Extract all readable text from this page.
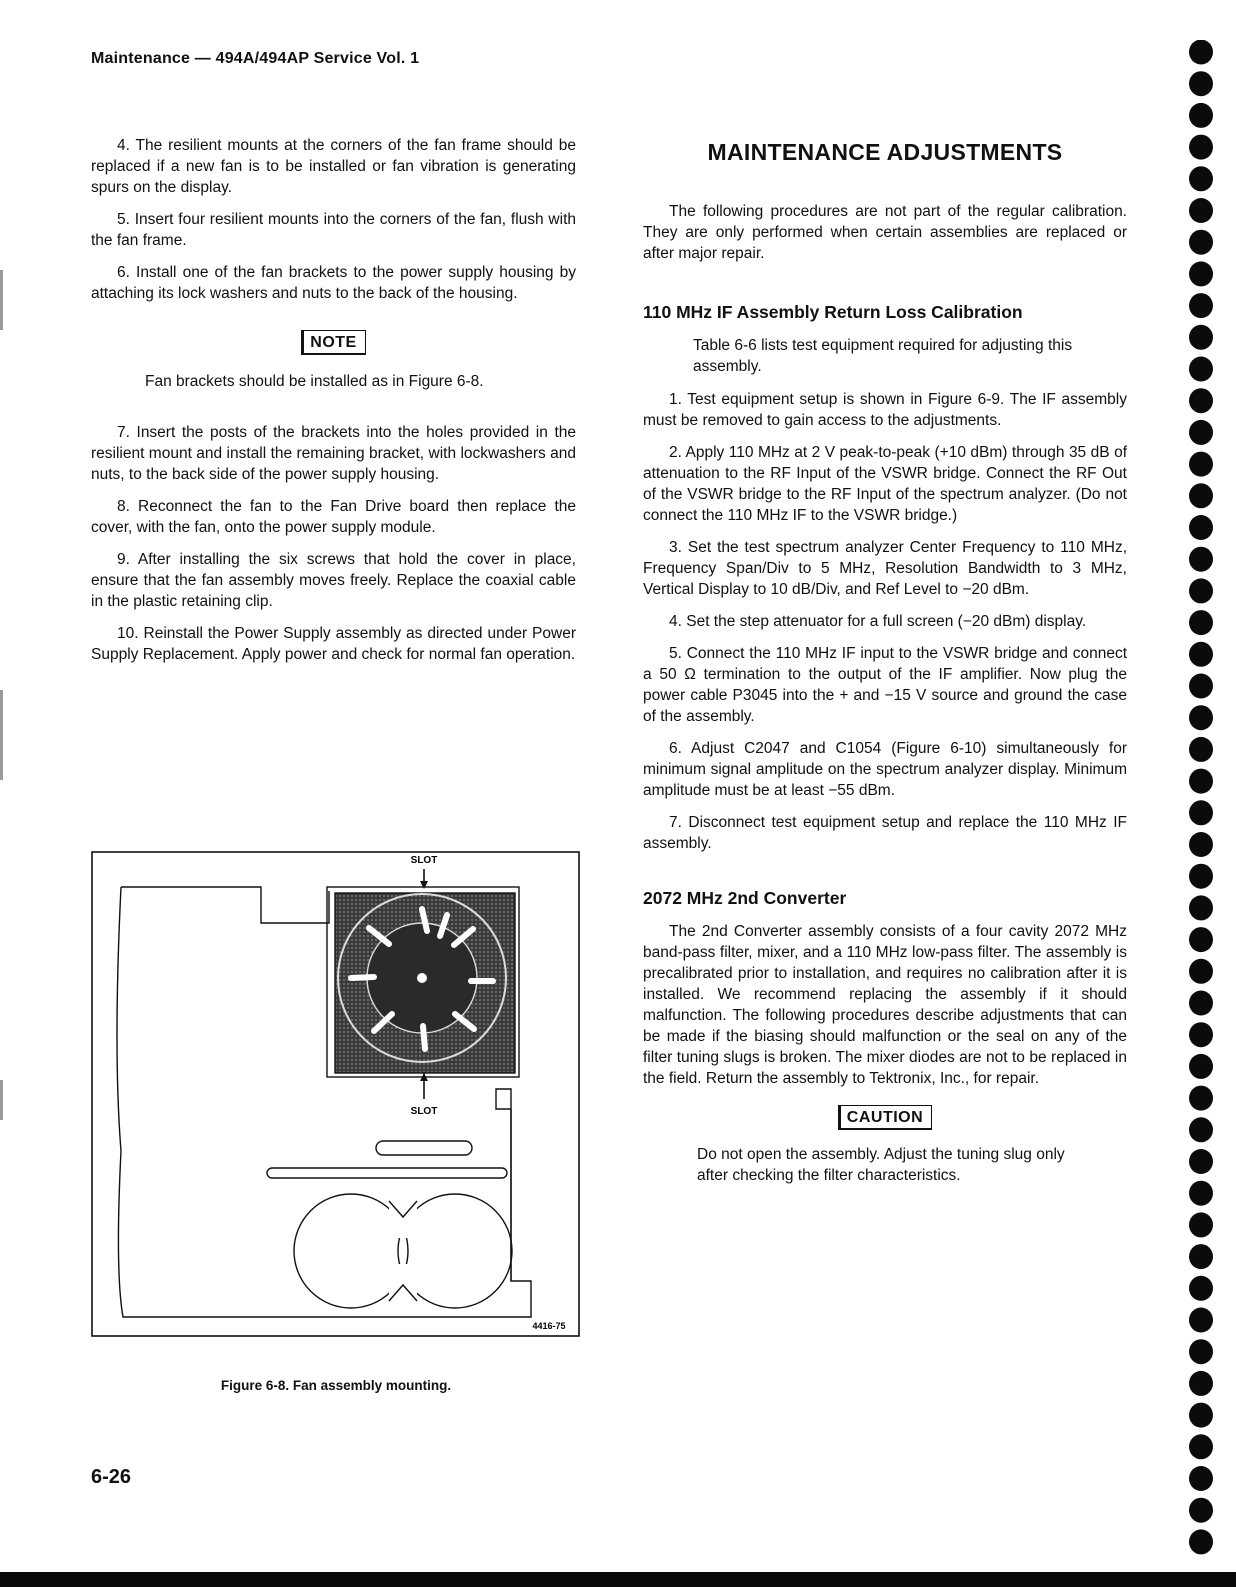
Maintenance — 494A/494AP Service Vol. 1

4. The resilient mounts at the corners of the fan frame should be replaced if a new fan is to be installed or fan vibration is generating spurs on the display.

5. Insert four resilient mounts into the corners of the fan, flush with the fan frame.

6. Install one of the fan brackets to the power supply housing by attaching its lock washers and nuts to the back of the housing.

NOTE

Fan brackets should be installed as in Figure 6-8.

7. Insert the posts of the brackets into the holes provided in the resilient mount and install the remaining bracket, with lockwashers and nuts, to the back side of the power supply housing.

8. Reconnect the fan to the Fan Drive board then replace the cover, with the fan, onto the power supply module.

9. After installing the six screws that hold the cover in place, ensure that the fan assembly moves freely. Replace the coaxial cable in the plastic retaining clip.

10. Reinstall the Power Supply assembly as directed under Power Supply Replacement. Apply power and check for normal fan operation.

SLOT
SLOT
4416-75
Figure 6-8. Fan assembly mounting.
MAINTENANCE ADJUSTMENTS

The following procedures are not part of the regular calibration. They are only performed when certain assemblies are replaced or after major repair.

110 MHz IF Assembly Return Loss Calibration

Table 6-6 lists test equipment required for adjusting this assembly.

1. Test equipment setup is shown in Figure 6-9. The IF assembly must be removed to gain access to the adjustments.

2. Apply 110 MHz at 2 V peak-to-peak (+10 dBm) through 35 dB of attenuation to the RF Input of the VSWR bridge. Connect the RF Out of the VSWR bridge to the RF Input of the spectrum analyzer. (Do not connect the 110 MHz IF to the VSWR bridge.)

3. Set the test spectrum analyzer Center Frequency to 110 MHz, Frequency Span/Div to 5 MHz, Resolution Bandwidth to 3 MHz, Vertical Display to 10 dB/Div, and Ref Level to −20 dBm.

4. Set the step attenuator for a full screen (−20 dBm) display.

5. Connect the 110 MHz IF input to the VSWR bridge and connect a 50 Ω termination to the output of the IF amplifier. Now plug the power cable P3045 into the + and −15 V source and ground the case of the assembly.

6. Adjust C2047 and C1054 (Figure 6-10) simultaneously for minimum signal amplitude on the spectrum analyzer display. Minimum amplitude must be at least −55 dBm.

7. Disconnect test equipment setup and replace the 110 MHz IF assembly.

2072 MHz 2nd Converter

The 2nd Converter assembly consists of a four cavity 2072 MHz band-pass filter, mixer, and a 110 MHz low-pass filter. The assembly is precalibrated prior to installation, and requires no calibration after it is installed. We recommend replacing the assembly if it should malfunction. The following procedures describe adjustments that can be made if the biasing should malfunction or the seal on any of the filter tuning slugs is broken. The mixer diodes are not to be replaced in the field. Return the assembly to Tektronix, Inc., for repair.

CAUTION

Do not open the assembly. Adjust the tuning slug only after checking the filter characteristics.

6-26
